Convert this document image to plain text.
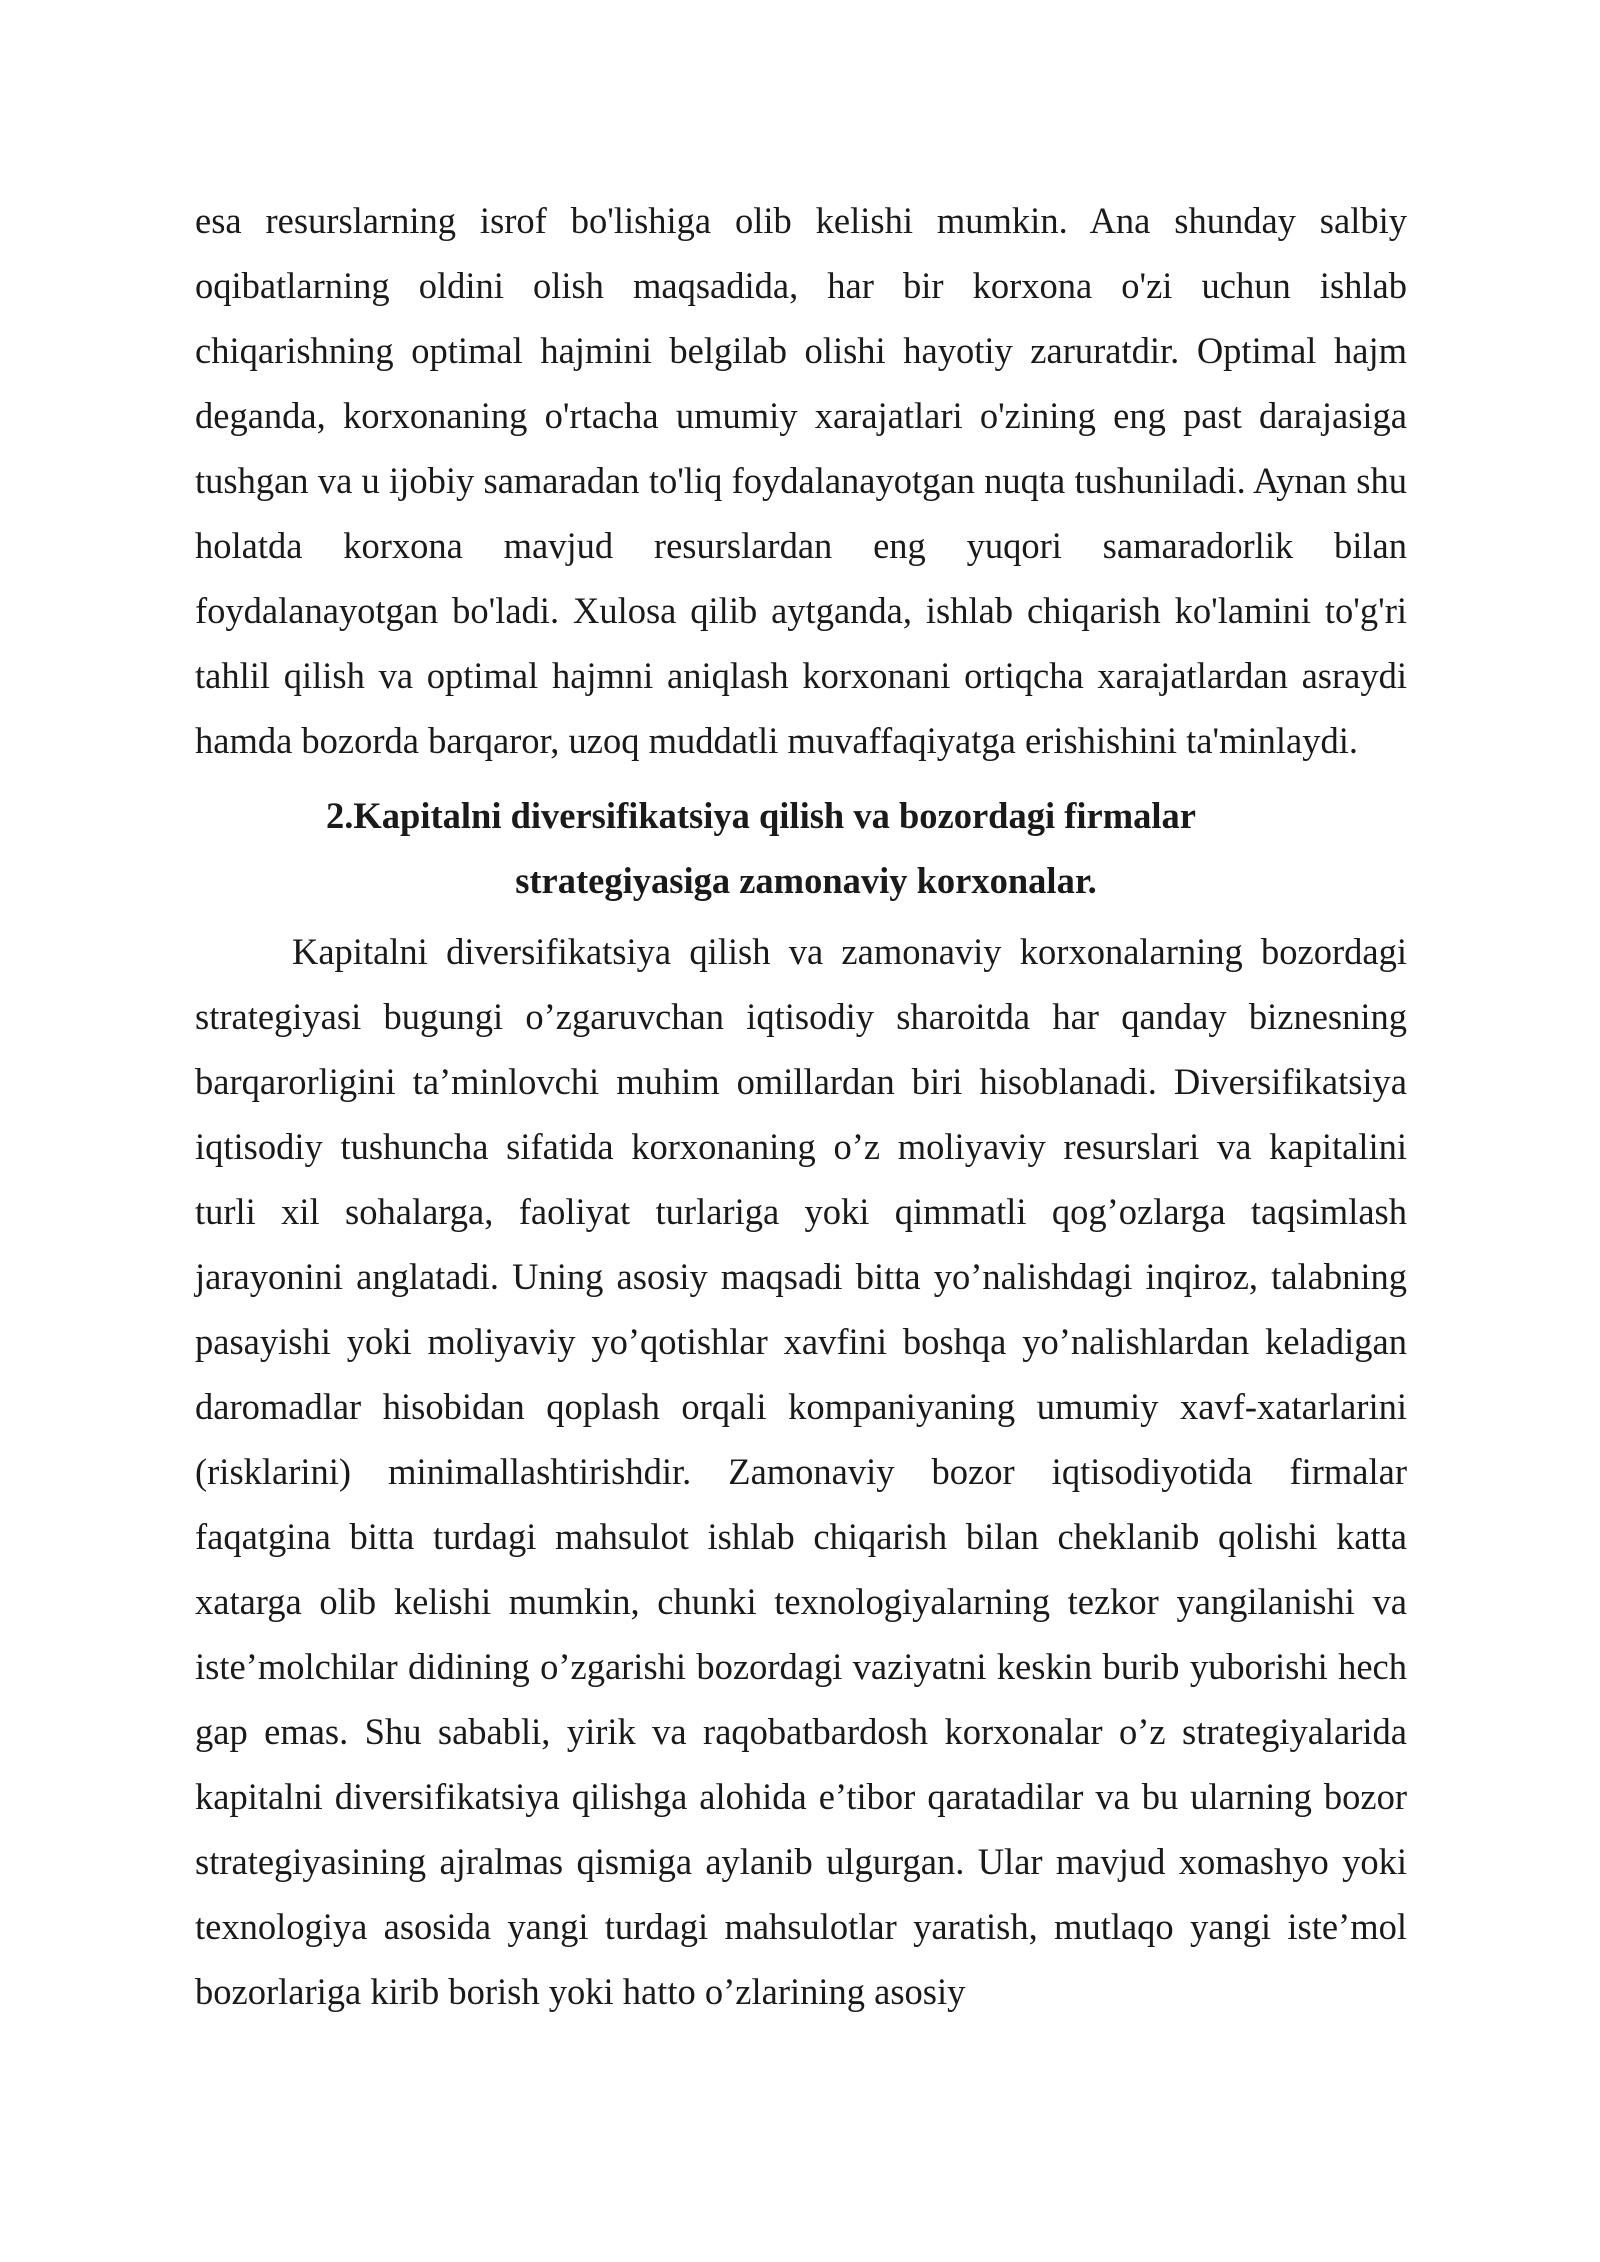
esa resurslarning isrof bo'lishiga olib kelishi mumkin. Ana shunday salbiy oqibatlarning oldini olish maqsadida, har bir korxona o'zi uchun ishlab chiqarishning optimal hajmini belgilab olishi hayotiy zaruratdir. Optimal hajm deganda, korxonaning o'rtacha umumiy xarajatlari o'zining eng past darajasiga tushgan va u ijobiy samaradan to'liq foydalanayotgan nuqta tushuniladi. Aynan shu holatda korxona mavjud resurslardan eng yuqori samaradorlik bilan foydalanayotgan bo'ladi. Xulosa qilib aytganda, ishlab chiqarish ko'lamini to'g'ri tahlil qilish va optimal hajmni aniqlash korxonani ortiqcha xarajatlardan asraydi hamda bozorda barqaror, uzoq muddatli muvaffaqiyatga erishishini ta'minlaydi.

2.Kapitalni diversifikatsiya qilish va bozordagi firmalar
strategiyasiga zamonaviy korxonalar.

Kapitalni diversifikatsiya qilish va zamonaviy korxonalarning bozordagi strategiyasi bugungi o’zgaruvchan iqtisodiy sharoitda har qanday biznesning barqarorligini ta’minlovchi muhim omillardan biri hisoblanadi. Diversifikatsiya iqtisodiy tushuncha sifatida korxonaning o’z moliyaviy resurslari va kapitalini turli xil sohalarga, faoliyat turlariga yoki qimmatli qog’ozlarga taqsimlash jarayonini anglatadi. Uning asosiy maqsadi bitta yo’nalishdagi inqiroz, talabning pasayishi yoki moliyaviy yo’qotishlar xavfini boshqa yo’nalishlardan keladigan daromadlar hisobidan qoplash orqali kompaniyaning umumiy xavf-xatarlarini (risklarini) minimallashtirishdir. Zamonaviy bozor iqtisodiyotida firmalar faqatgina bitta turdagi mahsulot ishlab chiqarish bilan cheklanib qolishi katta xatarga olib kelishi mumkin, chunki texnologiyalarning tezkor yangilanishi va iste’molchilar didining o’zgarishi bozordagi vaziyatni keskin burib yuborishi hech gap emas. Shu sababli, yirik va raqobatbardosh korxonalar o’z strategiyalarida kapitalni diversifikatsiya qilishga alohida e’tibor qaratadilar va bu ularning bozor strategiyasining ajralmas qismiga aylanib ulgurgan. Ular mavjud xomashyo yoki texnologiya asosida yangi turdagi mahsulotlar yaratish, mutlaqo yangi iste’mol bozorlariga kirib borish yoki hatto o’zlarining asosiy
